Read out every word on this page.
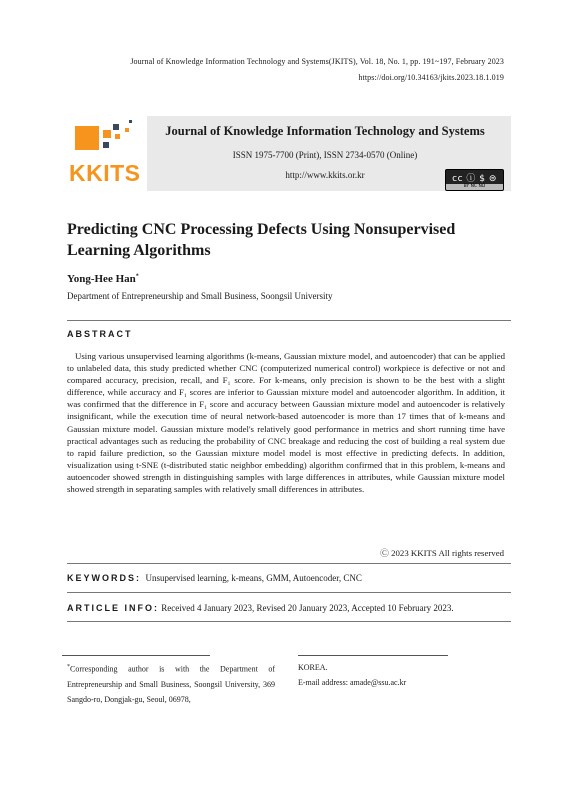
Journal of Knowledge Information Technology and Systems(JKITS), Vol. 18, No. 1, pp. 191~197, February 2023
https://doi.org/10.34163/jkits.2023.18.1.019
KKITS
Journal of Knowledge Information Technology and Systems
ISSN 1975-7700 (Print), ISSN 2734-0570 (Online)
http://www.kkits.or.kr	cc ⓘ $ ⊜
BY NC ND
Predicting CNC Processing Defects Using Nonsupervised Learning Algorithms
Yong-Hee Han*
Department of Entrepreneurship and Small Business, Soongsil University
ABSTRACT
Using various unsupervised learning algorithms (k-means, Gaussian mixture model, and autoencoder) that can be applied to unlabeled data, this study predicted whether CNC (computerized numerical control) workpiece is defective or not and compared accuracy, precision, recall, and F₁ score. For k-means, only precision is shown to be the best with a slight difference, while accuracy and F₁ scores are inferior to Gaussian mixture model and autoencoder algorithm. In addition, it was confirmed that the difference in F₁ score and accuracy between Gaussian mixture model and autoencoder is relatively insignificant, while the execution time of neural network-based autoencoder is more than 17 times that of k-means and Gaussian mixture model. Gaussian mixture model's relatively good performance in metrics and short running time have practical advantages such as reducing the probability of CNC breakage and reducing the cost of building a real system due to rapid failure prediction, so the Gaussian mixture model model is most effective in predicting defects. In addition, visualization using t-SNE (t-distributed static neighbor embedding) algorithm confirmed that in this problem, k-means and autoencoder showed strength in distinguishing samples with large differences in attributes, while Gaussian mixture model showed strength in separating samples with relatively small differences in attributes.
Ⓒ 2023 KKITS All rights reserved
KEYWORDS: Unsupervised learning, k-means, GMM, Autoencoder, CNC
ARTICLE INFO: Received 4 January 2023, Revised 20 January 2023, Accepted 10 February 2023.
*Corresponding author is with the Department of Entrepreneurship and Small Business, Soongsil University, 369 Sangdo-ro, Dongjak-gu, Seoul, 06978,
KOREA.
E-mail address: amade@ssu.ac.kr
